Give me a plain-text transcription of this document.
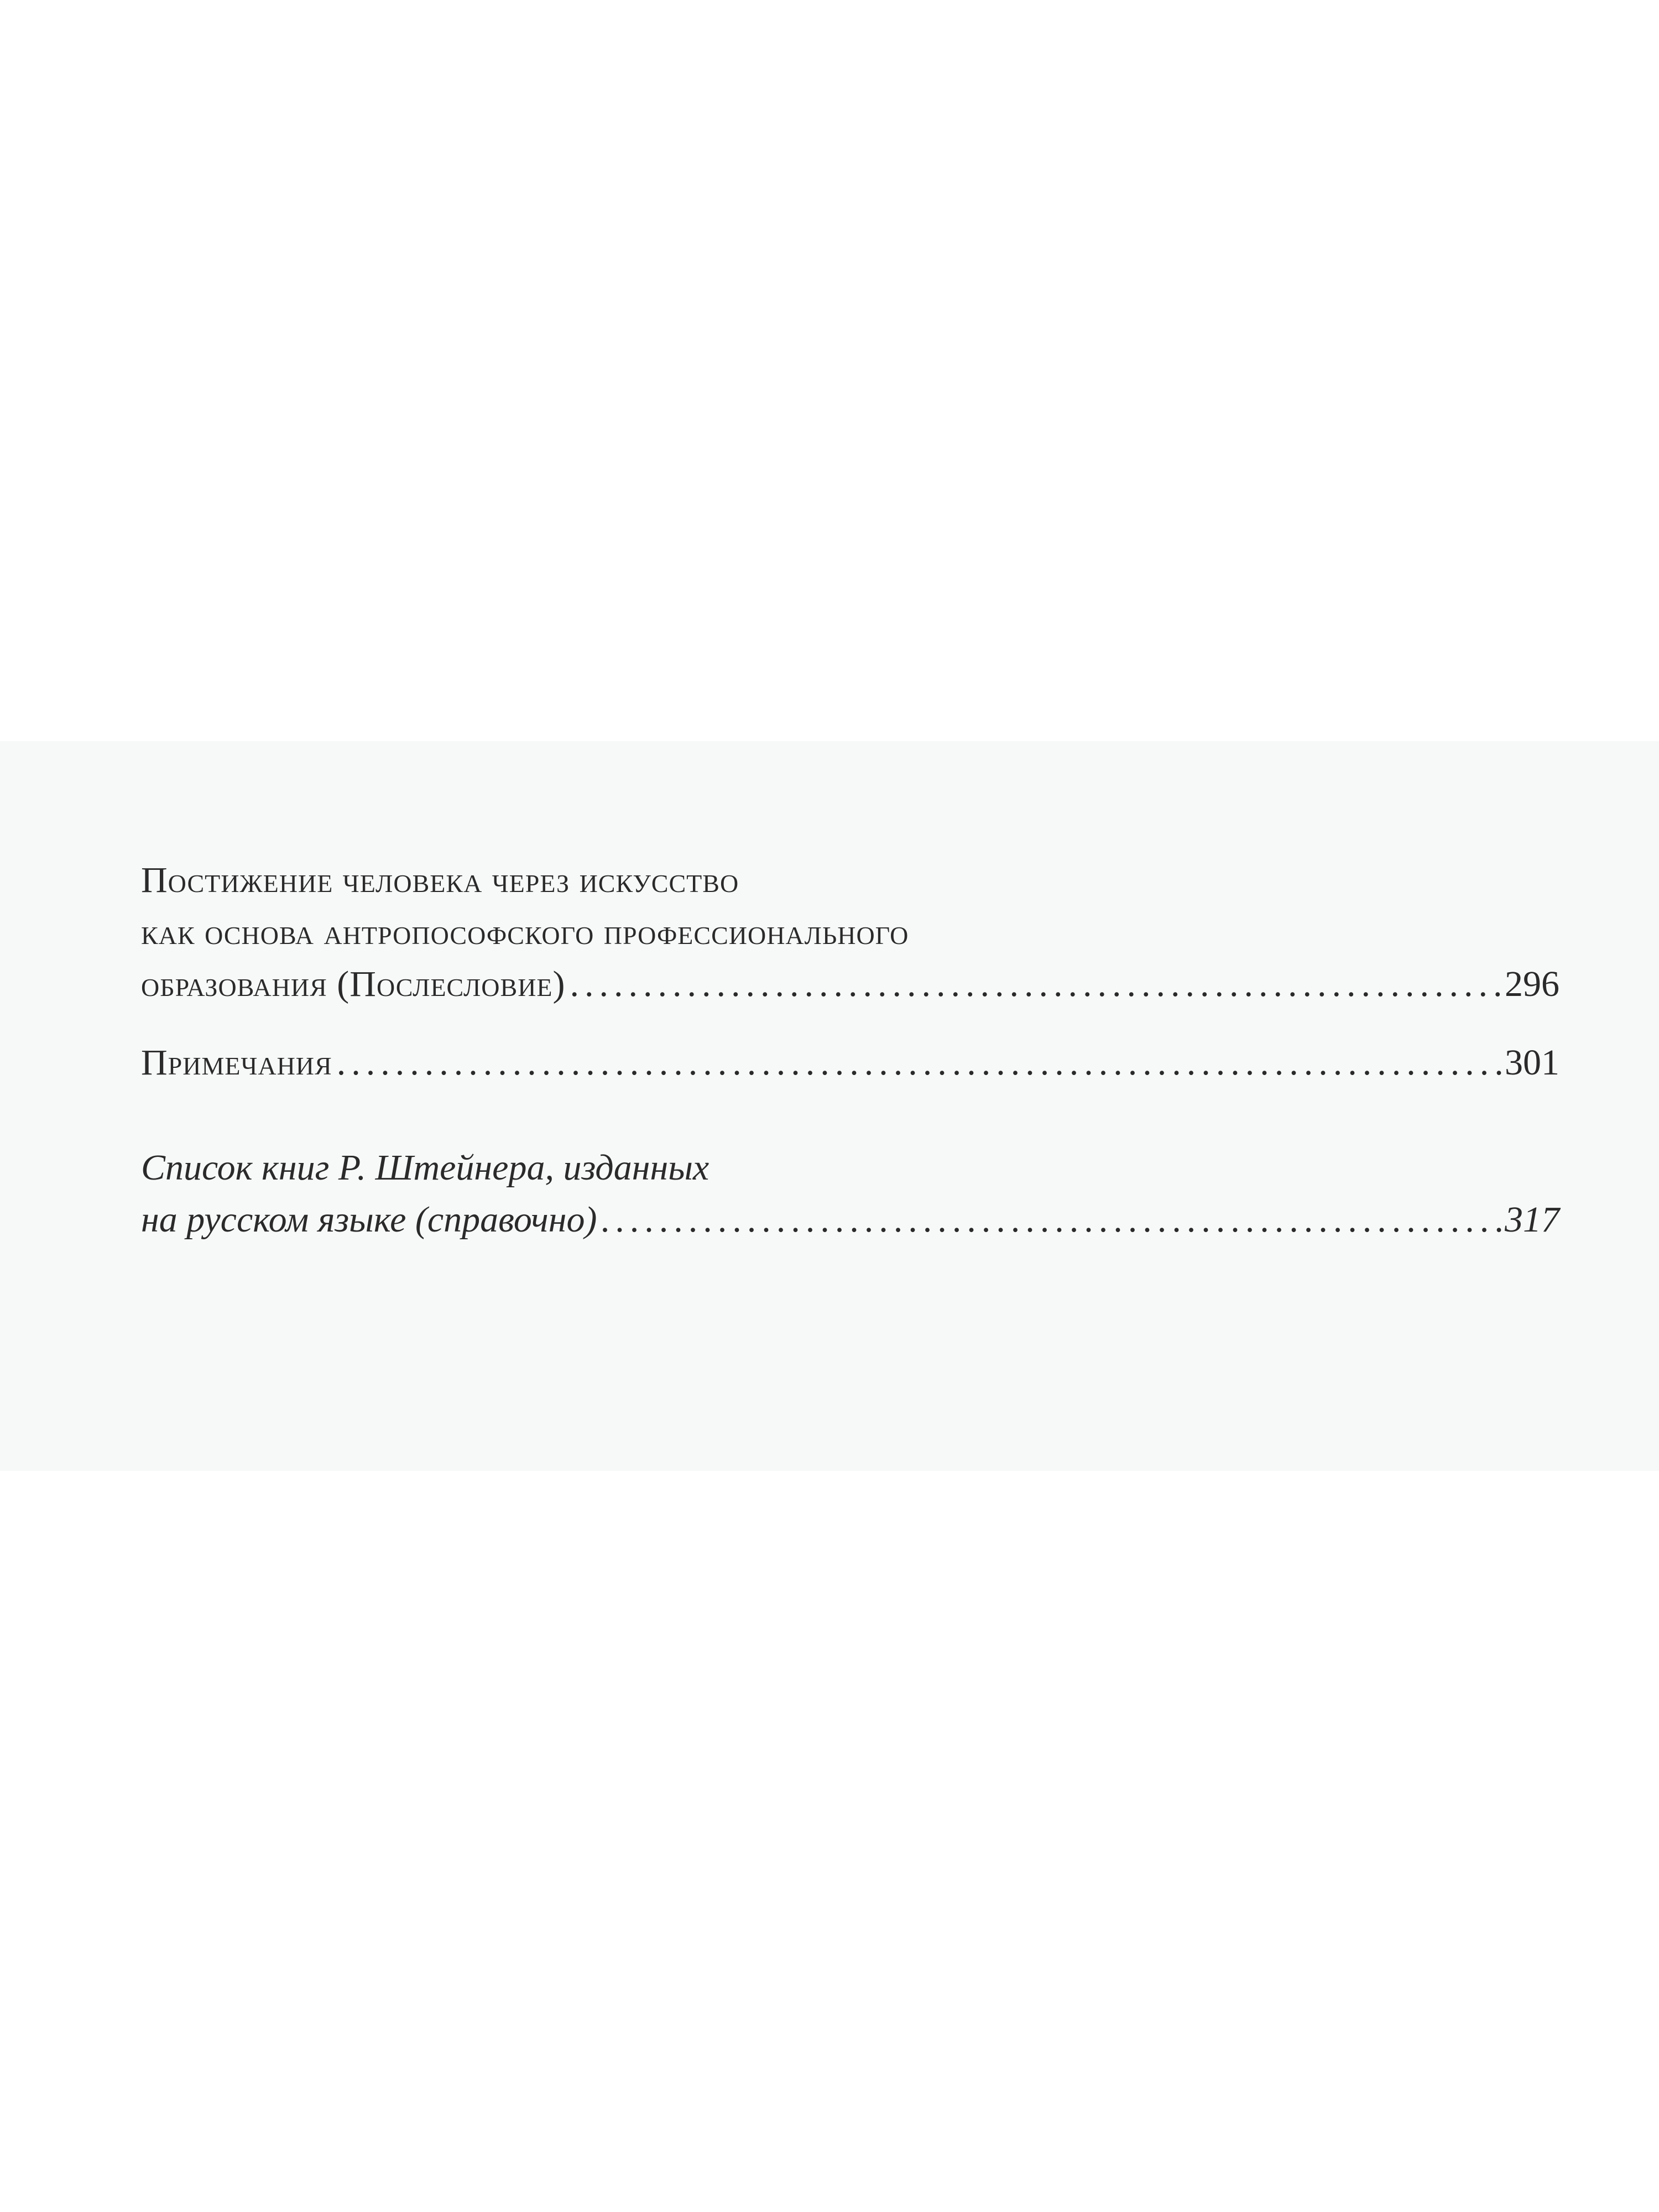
Постижение человека через искусство
как основа антропософского профессионального
образования (Послесловие) .....	296
Примечания .....	301
Список книг Р. Штейнера, изданных
на русском языке (справочно) .....	317
